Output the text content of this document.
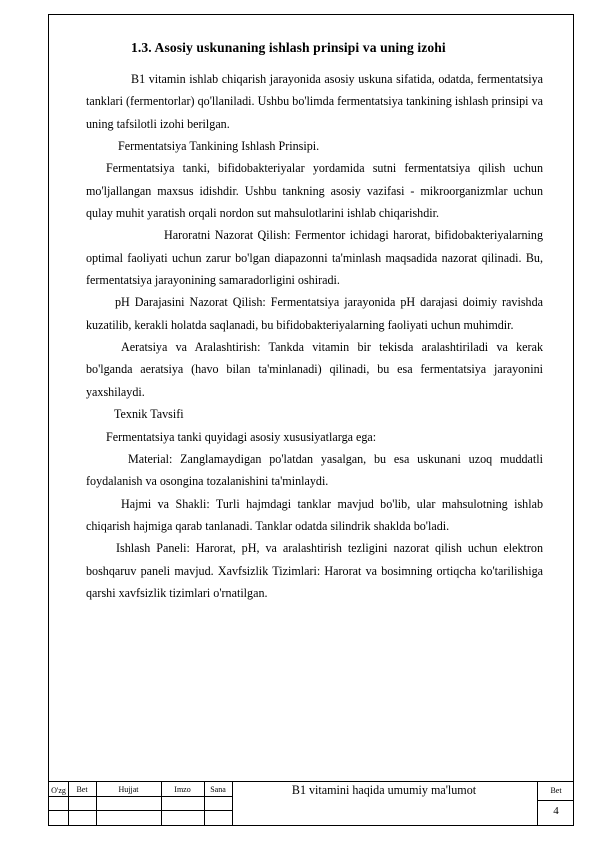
1.3. Asosiy uskunaning ishlash prinsipi va uning izohi

B1 vitamin ishlab chiqarish jarayonida asosiy uskuna sifatida, odatda, fermentatsiya tanklari (fermentorlar) qo'llaniladi. Ushbu bo'limda fermentatsiya tankining ishlash prinsipi va uning tafsilotli izohi berilgan.

Fermentatsiya Tankining Ishlash Prinsipi.

Fermentatsiya tanki, bifidobakteriyalar yordamida sutni fermentatsiya qilish uchun mo'ljallangan maxsus idishdir. Ushbu tankning asosiy vazifasi - mikroorganizmlar uchun qulay muhit yaratish orqali nordon sut mahsulotlarini ishlab chiqarishdir.

Haroratni Nazorat Qilish: Fermentor ichidagi harorat, bifidobakteriyalarning optimal faoliyati uchun zarur bo'lgan diapazonni ta'minlash maqsadida nazorat qilinadi. Bu, fermentatsiya jarayonining samaradorligini oshiradi.

pH Darajasini Nazorat Qilish: Fermentatsiya jarayonida pH darajasi doimiy ravishda kuzatilib, kerakli holatda saqlanadi, bu bifidobakteriyalarning faoliyati uchun muhimdir.

Aeratsiya va Aralashtirish: Tankda vitamin bir tekisda aralashtiriladi va kerak bo'lganda aeratsiya (havo bilan ta'minlanadi) qilinadi, bu esa fermentatsiya jarayonini yaxshilaydi.

Texnik Tavsifi

Fermentatsiya tanki quyidagi asosiy xususiyatlarga ega:

Material: Zanglamaydigan po'latdan yasalgan, bu esa uskunani uzoq muddatli foydalanish va osongina tozalanishini ta'minlaydi.

Hajmi va Shakli: Turli hajmdagi tanklar mavjud bo'lib, ular mahsulotning ishlab chiqarish hajmiga qarab tanlanadi. Tanklar odatda silindrik shaklda bo'ladi.

Ishlash Paneli: Harorat, pH, va aralashtirish tezligini nazorat qilish uchun elektron boshqaruv paneli mavjud. Xavfsizlik Tizimlari: Harorat va bosimning ortiqcha ko'tarilishiga qarshi xavfsizlik tizimlari o'rnatilgan.

O'zg	Bet	Hujjat	Imzo	Sana	B1 vitamini haqida umumiy ma'lumot	Bet
4
